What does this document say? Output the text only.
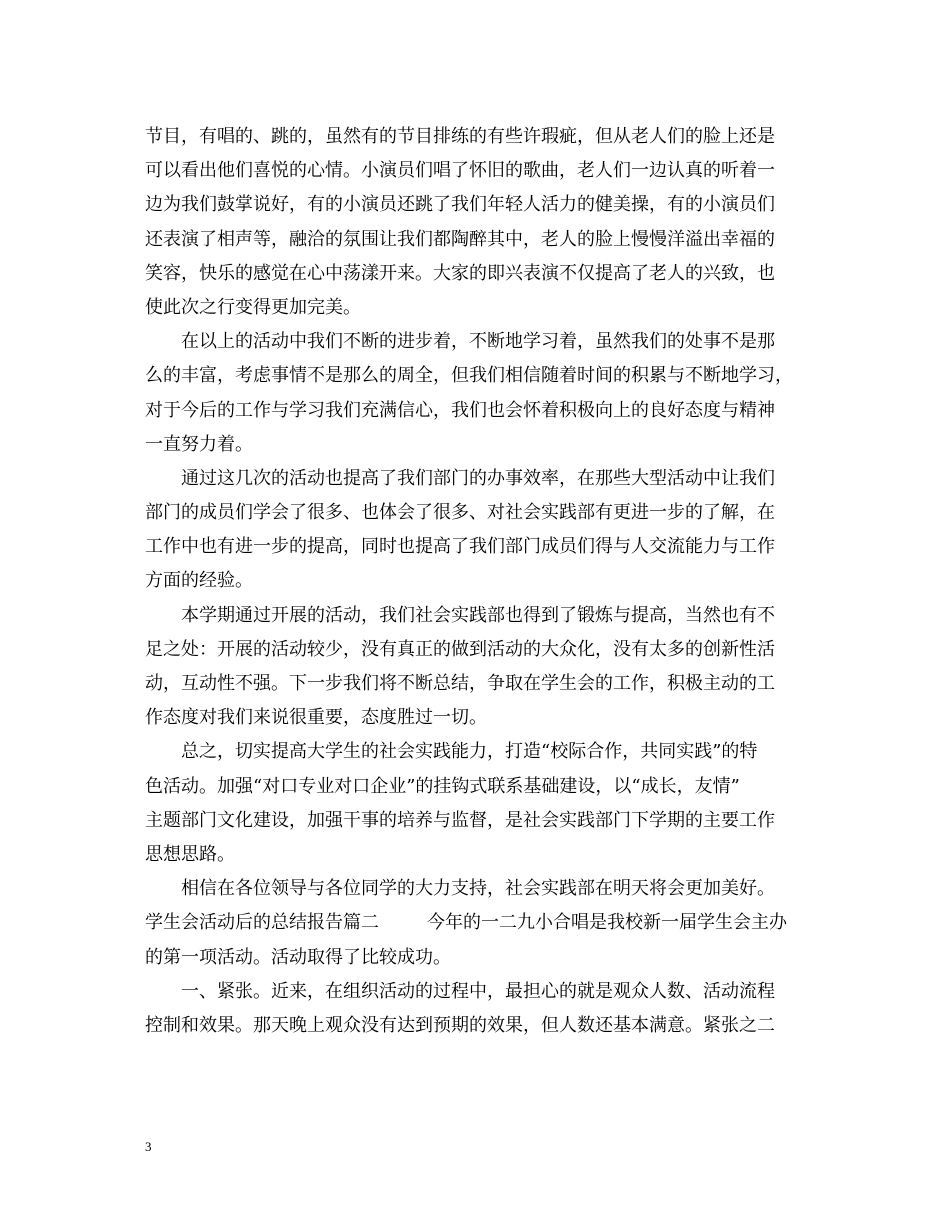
节目，有唱的、跳的，虽然有的节目排练的有些许瑕疵，但从老人们的脸上还是
可以看出他们喜悦的心情。小演员们唱了怀旧的歌曲，老人们一边认真的听着一
边为我们鼓掌说好，有的小演员还跳了我们年轻人活力的健美操，有的小演员们
还表演了相声等，融洽的氛围让我们都陶醉其中，老人的脸上慢慢洋溢出幸福的
笑容，快乐的感觉在心中荡漾开来。大家的即兴表演不仅提高了老人的兴致，也
使此次之行变得更加完美。
在以上的活动中我们不断的进步着，不断地学习着，虽然我们的处事不是那
么的丰富，考虑事情不是那么的周全，但我们相信随着时间的积累与不断地学习，
对于今后的工作与学习我们充满信心，我们也会怀着积极向上的良好态度与精神
一直努力着。
通过这几次的活动也提高了我们部门的办事效率，在那些大型活动中让我们
部门的成员们学会了很多、也体会了很多、对社会实践部有更进一步的了解，在
工作中也有进一步的提高，同时也提高了我们部门成员们得与人交流能力与工作
方面的经验。
本学期通过开展的活动，我们社会实践部也得到了锻炼与提高，当然也有不
足之处：开展的活动较少，没有真正的做到活动的大众化，没有太多的创新性活
动，互动性不强。下一步我们将不断总结，争取在学生会的工作，积极主动的工
作态度对我们来说很重要，态度胜过一切。
总之，切实提高大学生的社会实践能力，打造“校际合作，共同实践”的特
色活动。加强“对口专业对口企业”的挂钩式联系基础建设，以“成长，友情”
主题部门文化建设，加强干事的培养与监督，是社会实践部门下学期的主要工作
思想思路。
相信在各位领导与各位同学的大力支持，社会实践部在明天将会更加美好。
学生会活动后的总结报告篇二	今年的一二九小合唱是我校新一届学生会主办
的第一项活动。活动取得了比较成功。
一、紧张。近来，在组织活动的过程中，最担心的就是观众人数、活动流程
控制和效果。那天晚上观众没有达到预期的效果，但人数还基本满意。紧张之二
3
